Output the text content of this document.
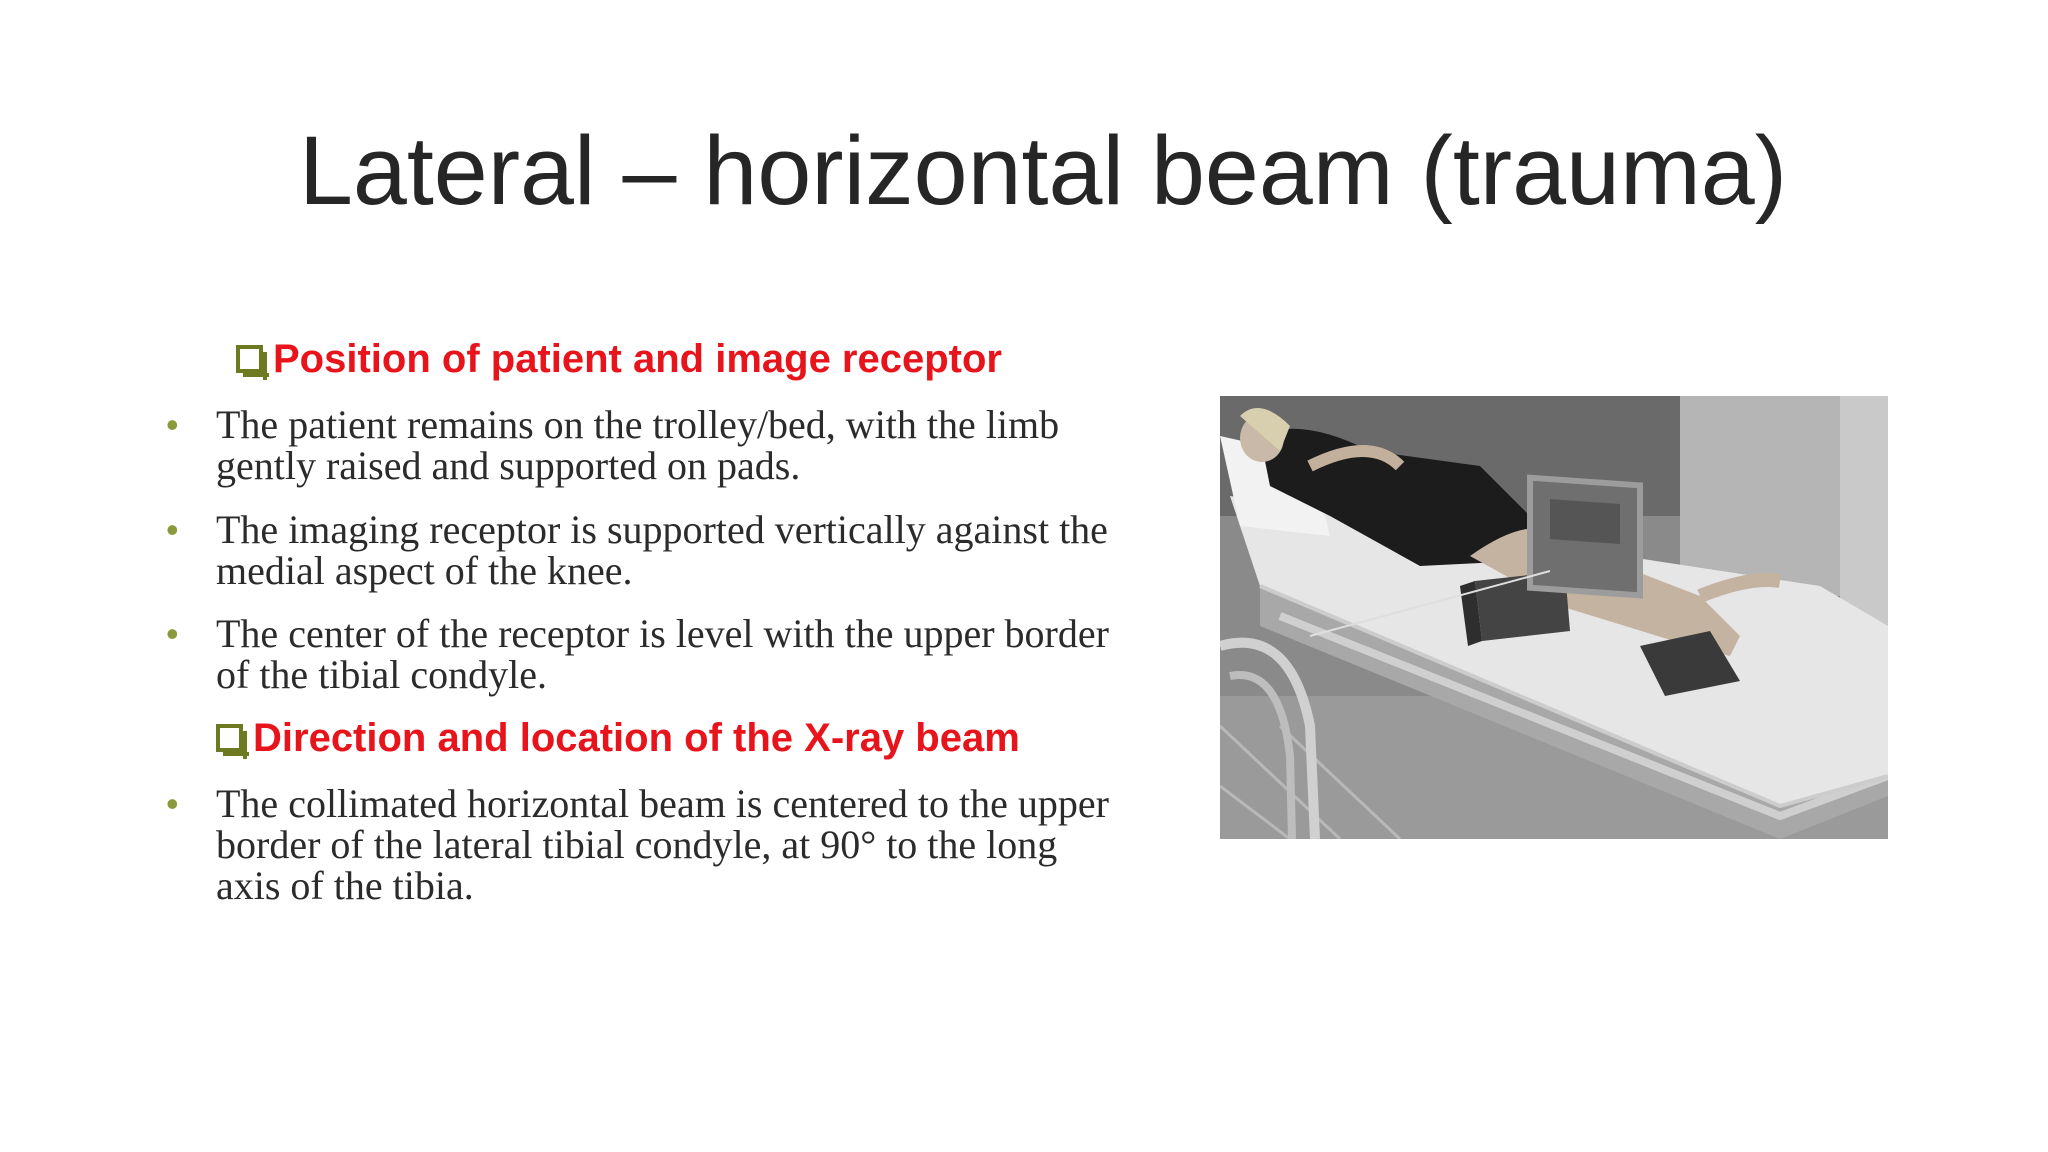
Lateral – horizontal beam (trauma)
Position of patient and image receptor
• The patient remains on the trolley/bed, with the limb gently raised and supported on pads.
• The imaging receptor is supported vertically against the medial aspect of the knee.
• The center of the receptor is level with the upper border of the tibial condyle.
Direction and location of the X-ray beam
• The collimated horizontal beam is centered to the upper border of the lateral tibial condyle, at 90° to the long axis of the tibia.
